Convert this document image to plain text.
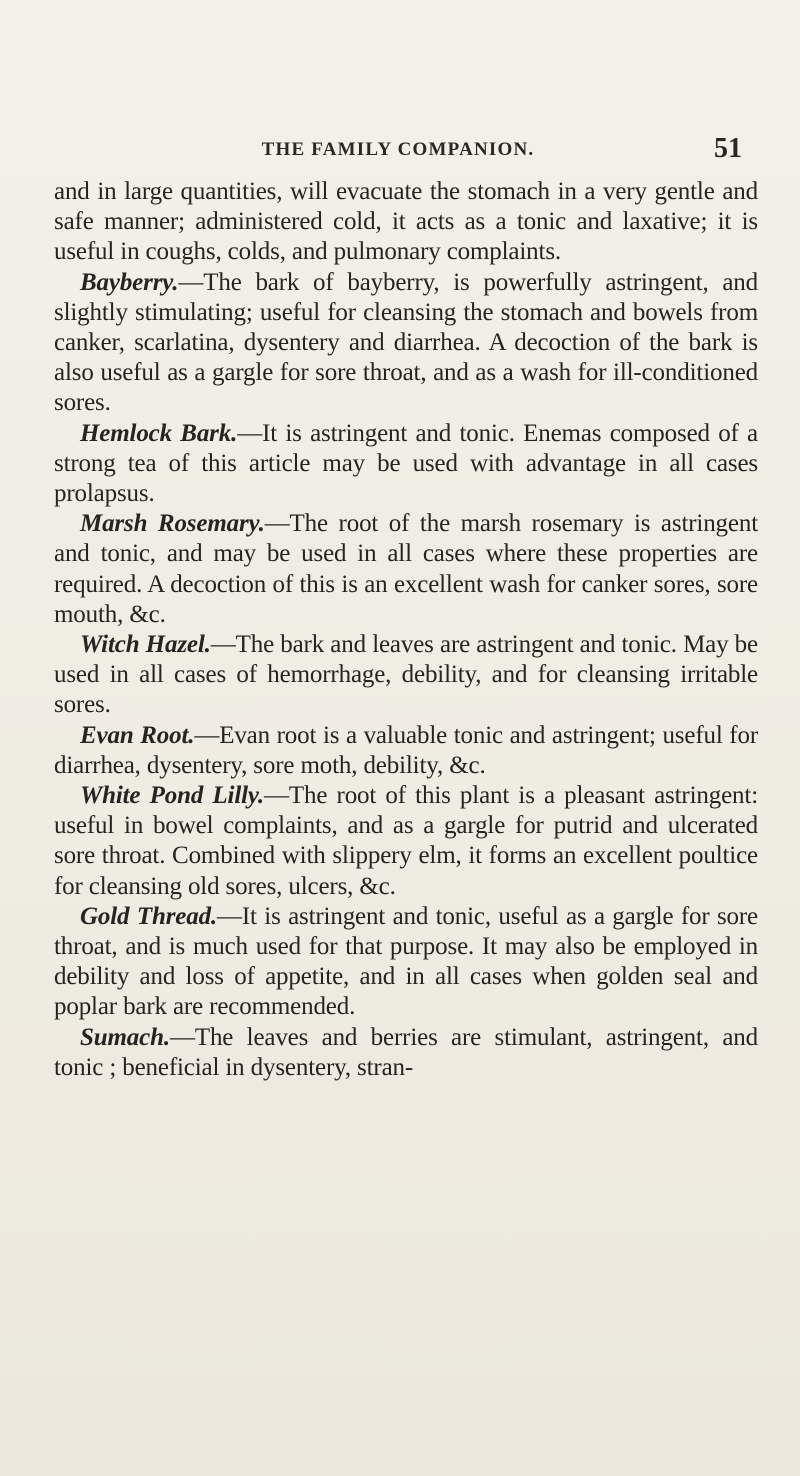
THE FAMILY COMPANION.	51

and in large quantities, will evacuate the stomach in a very gentle and safe manner; administered cold, it acts as a tonic and laxative; it is useful in coughs, colds, and pulmonary complaints.

Bayberry.—The bark of bayberry, is powerfully astringent, and slightly stimulating; useful for cleansing the stomach and bowels from canker, scarlatina, dysentery and diarrhea. A decoction of the bark is also useful as a gargle for sore throat, and as a wash for ill-conditioned sores.

Hemlock Bark.—It is astringent and tonic. Enemas composed of a strong tea of this article may be used with advantage in all cases prolapsus.

Marsh Rosemary.—The root of the marsh rosemary is astringent and tonic, and may be used in all cases where these properties are required. A decoction of this is an excellent wash for canker sores, sore mouth, &c.

Witch Hazel.—The bark and leaves are astringent and tonic. May be used in all cases of hemorrhage, debility, and for cleansing irritable sores.

Evan Root.—Evan root is a valuable tonic and astringent; useful for diarrhea, dysentery, sore moth, debility, &c.

White Pond Lilly.—The root of this plant is a pleasant astringent: useful in bowel complaints, and as a gargle for putrid and ulcerated sore throat. Combined with slippery elm, it forms an excellent poultice for cleansing old sores, ulcers, &c.

Gold Thread.—It is astringent and tonic, useful as a gargle for sore throat, and is much used for that purpose. It may also be employed in debility and loss of appetite, and in all cases when golden seal and poplar bark are recommended.

Sumach.—The leaves and berries are stimulant, astringent, and tonic ; beneficial in dysentery, stran-
